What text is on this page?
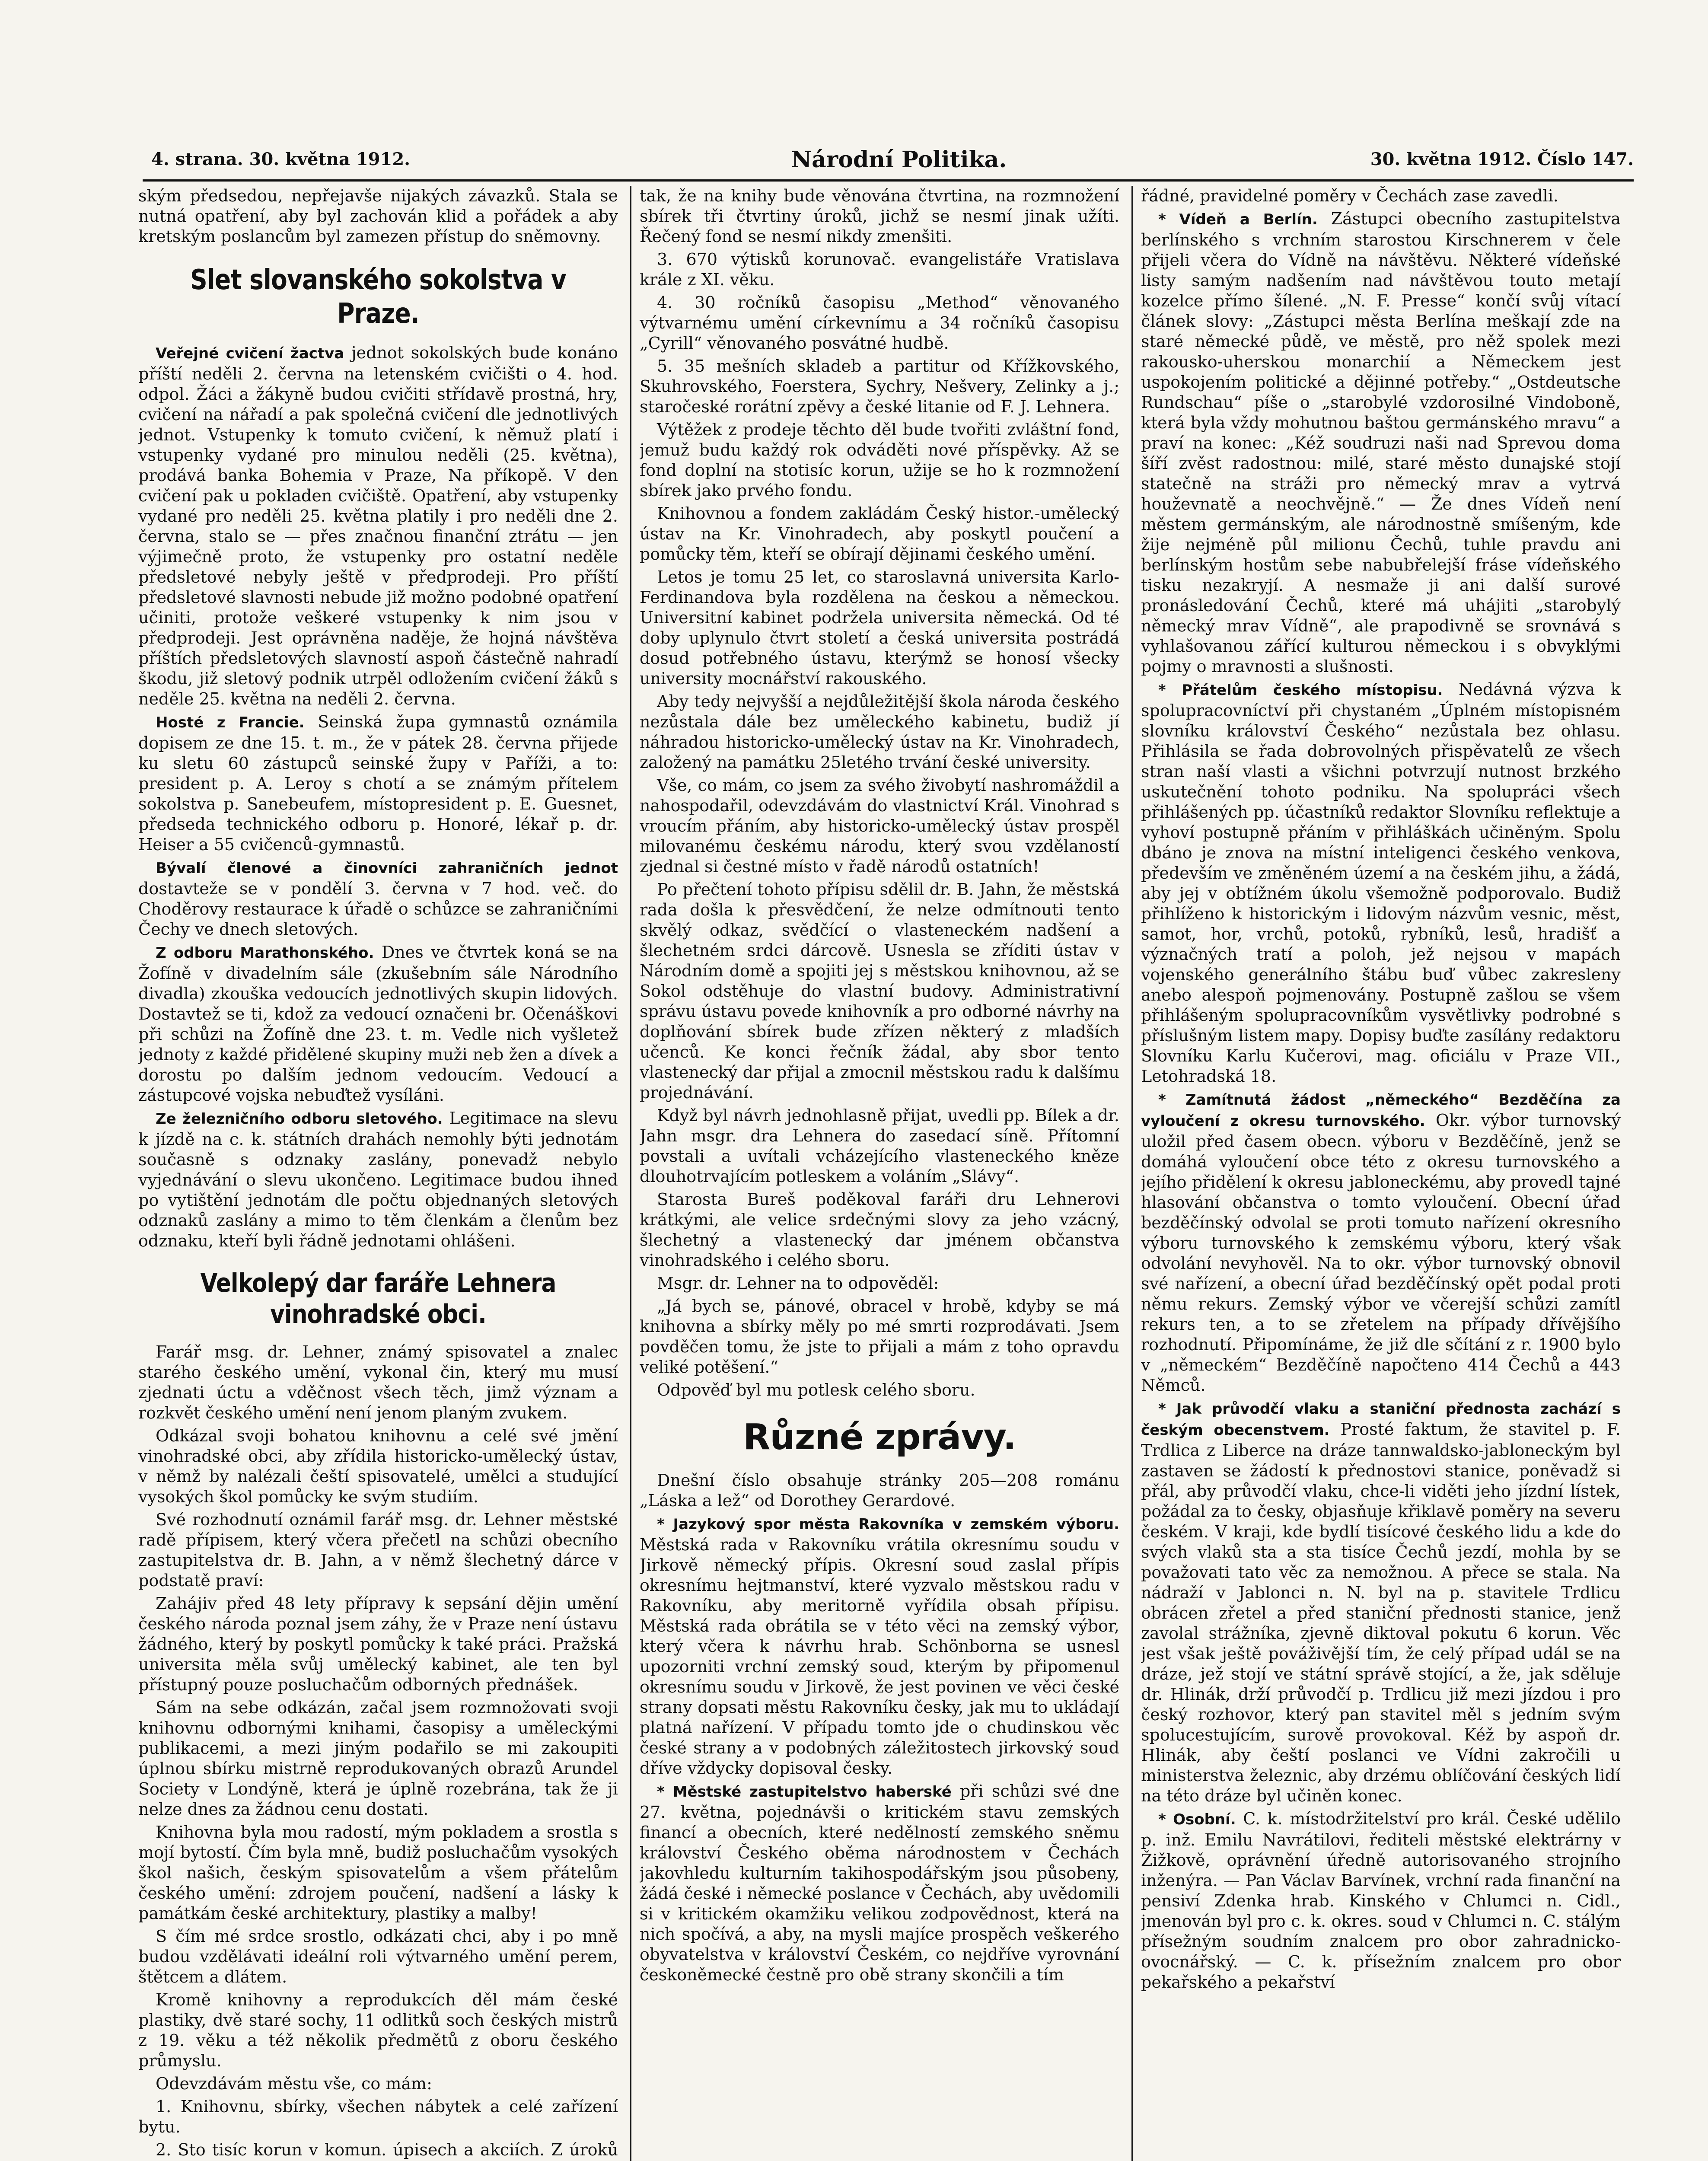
4. strana. 30. května 1912.	Národní Politika.	30. května 1912. Číslo 147.

ským předsedou, nepřejavše nijakých závazků. Stala se nutná opatření, aby byl zachován klid a pořádek a aby kretským poslancům byl zamezen přístup do sněmovny.

Slet slovanského sokolstva v Praze.

Veřejné cvičení žactva jednot sokolských bude konáno příští neděli 2. června na letenském cvičišti o 4. hod. odpol. Žáci a žákyně budou cvičiti střídavě prostná, hry, cvičení na nářadí a pak společná cvičení dle jednotlivých jednot. Vstupenky k tomuto cvičení, k němuž platí i vstupenky vydané pro minulou neděli (25. května), prodává banka Bohemia v Praze, Na příkopě. V den cvičení pak u pokladen cvičiště. Opatření, aby vstupenky vydané pro neděli 25. května platily i pro neděli dne 2. června, stalo se — přes značnou finanční ztrátu — jen výjimečně proto, že vstupenky pro ostatní neděle předsletové nebyly ještě v předprodeji. Pro příští předsletové slavnosti nebude již možno podobné opatření učiniti, protože veškeré vstupenky k nim jsou v předprodeji. Jest oprávněna naděje, že hojná návštěva příštích předsletových slavností aspoň částečně nahradí škodu, již sletový podnik utrpěl odložením cvičení žáků s neděle 25. května na neděli 2. června.

Hosté z Francie. Seinská župa gymnastů oznámila dopisem ze dne 15. t. m., že v pátek 28. června přijede ku sletu 60 zástupců seinské župy v Paříži, a to: president p. A. Leroy s chotí a se známým přítelem sokolstva p. Sanebeufem, místopresident p. E. Guesnet, předseda technického odboru p. Honoré, lékař p. dr. Heiser a 55 cvičenců-gymnastů.

Bývalí členové a činovníci zahraničních jednot dostavteže se v pondělí 3. června v 7 hod. več. do Choděrovy restaurace k úřadě o schůzce se zahraničními Čechy ve dnech sletových.

Z odboru Marathonského. Dnes ve čtvrtek koná se na Žofíně v divadelním sále (zkušebním sále Národního divadla) zkouška vedoucích jednotlivých skupin lidových. Dostavtež se ti, kdož za vedoucí označeni br. Očenáškovi při schůzi na Žofíně dne 23. t. m. Vedle nich vyšletež jednoty z každé přidělené skupiny muži neb žen a dívek a dorostu po dalším jednom vedoucím. Vedoucí a zástupcové vojska nebuďtež vysíláni.

Ze železničního odboru sletového. Legitimace na slevu k jízdě na c. k. státních drahách nemohly býti jednotám současně s odznaky zaslány, ponevadž nebylo vyjednávání o slevu ukončeno. Legitimace budou ihned po vytištění jednotám dle počtu objednaných sletových odznaků zaslány a mimo to těm členkám a členům bez odznaku, kteří byli řádně jednotami ohlášeni.

Velkolepý dar faráře Lehnera vinohradské obci.

Farář msg. dr. Lehner, známý spisovatel a znalec starého českého umění, vykonal čin, který mu musí zjednati úctu a vděčnost všech těch, jimž význam a rozkvět českého umění není jenom planým zvukem.

Odkázal svoji bohatou knihovnu a celé své jmění vinohradské obci, aby zřídila historicko-umělecký ústav, v němž by nalézali čeští spisovatelé, umělci a studující vysokých škol pomůcky ke svým studiím.

Své rozhodnutí oznámil farář msg. dr. Lehner městské radě přípisem, který včera přečetl na schůzi obecního zastupitelstva dr. B. Jahn, a v němž šlechetný dárce v podstatě praví:

Zahájiv před 48 lety přípravy k sepsání dějin umění českého národa poznal jsem záhy, že v Praze není ústavu žádného, který by poskytl pomůcky k také práci. Pražská universita měla svůj umělecký kabinet, ale ten byl přístupný pouze posluchačům odborných přednášek.

Sám na sebe odkázán, začal jsem rozmnožovati svoji knihovnu odbornými knihami, časopisy a uměleckými publikacemi, a mezi jiným podařilo se mi zakoupiti úplnou sbírku mistrně reprodukovaných obrazů Arundel Society v Londýně, která je úplně rozebrána, tak že ji nelze dnes za žádnou cenu dostati.

Knihovna byla mou radostí, mým pokladem a srostla s mojí bytostí. Čím byla mně, budiž posluchačům vysokých škol našich, českým spisovatelům a všem přátelům českého umění: zdrojem poučení, nadšení a lásky k památkám české architektury, plastiky a malby!

S čím mé srdce srostlo, odkázati chci, aby i po mně budou vzdělávati ideální roli výtvarného umění perem, štětcem a dlátem.

Kromě knihovny a reprodukcích děl mám české plastiky, dvě staré sochy, 11 odlitků soch českých mistrů z 19. věku a též několik předmětů z oboru českého průmyslu.

Odevzdávám městu vše, co mám:

1. Knihovnu, sbírky, všechen nábytek a celé zařízení bytu.

2. Sto tisíc korun v komun. úpisech a akciích. Z úroků

tak, že na knihy bude věnována čtvrtina, na rozmnožení sbírek tři čtvrtiny úroků, jichž se nesmí jinak užíti. Řečený fond se nesmí nikdy zmenšiti.

3. 670 výtisků korunovač. evangelistáře Vratislava krále z XI. věku.

4. 30 ročníků časopisu „Method“ věnovaného výtvarnému umění církevnímu a 34 ročníků časopisu „Cyrill“ věnovaného posvátné hudbě.

5. 35 mešních skladeb a partitur od Křížkovského, Skuhrovského, Foerstera, Sychry, Nešvery, Zelinky a j.; staročeské rorátní zpěvy a české litanie od F. J. Lehnera.

Výtěžek z prodeje těchto děl bude tvořiti zvláštní fond, jemuž budu každý rok odváděti nové příspěvky. Až se fond doplní na stotisíc korun, užije se ho k rozmnožení sbírek jako prvého fondu.

Knihovnou a fondem zakládám Český histor.-umělecký ústav na Kr. Vinohradech, aby poskytl poučení a pomůcky těm, kteří se obírají dějinami českého umění.

Letos je tomu 25 let, co staroslavná universita Karlo-Ferdinandova byla rozdělena na českou a německou. Universitní kabinet podržela universita německá. Od té doby uplynulo čtvrt století a česká universita postrádá dosud potřebného ústavu, kterýmž se honosí všecky university mocnářství rakouského.

Aby tedy nejvyšší a nejdůležitější škola národa českého nezůstala dále bez uměleckého kabinetu, budiž jí náhradou historicko-umělecký ústav na Kr. Vinohradech, založený na památku 25letého trvání české university.

Vše, co mám, co jsem za svého živobytí nashromáždil a nahospodařil, odevzdávám do vlastnictví Král. Vinohrad s vroucím přáním, aby historicko-umělecký ústav prospěl milovanému českému národu, který svou vzdělaností zjednal si čestné místo v řadě národů ostatních!

Po přečtení tohoto přípisu sdělil dr. B. Jahn, že městská rada došla k přesvědčení, že nelze odmítnouti tento skvělý odkaz, svědčící o vlasteneckém nadšení a šlechetném srdci dárcově. Usnesla se zříditi ústav v Národním domě a spojiti jej s městskou knihovnou, až se Sokol odstěhuje do vlastní budovy. Administrativní správu ústavu povede knihovník a pro odborné návrhy na doplňování sbírek bude zřízen některý z mladších učenců. Ke konci řečník žádal, aby sbor tento vlastenecký dar přijal a zmocnil městskou radu k dalšímu projednávání.

Když byl návrh jednohlasně přijat, uvedli pp. Bílek a dr. Jahn msgr. dra Lehnera do zasedací síně. Přítomní povstali a uvítali vcházejícího vlasteneckého kněze dlouhotrvajícím potleskem a voláním „Slávy“.

Starosta Bureš poděkoval faráři dru Lehnerovi krátkými, ale velice srdečnými slovy za jeho vzácný, šlechetný a vlastenecký dar jménem občanstva vinohradského i celého sboru.

Msgr. dr. Lehner na to odpověděl:

„Já bych se, pánové, obracel v hrobě, kdyby se má knihovna a sbírky měly po mé smrti rozprodávati. Jsem povděčen tomu, že jste to přijali a mám z toho opravdu veliké potěšení.“

Odpověď byl mu potlesk celého sboru.

Různé zprávy.

Dnešní číslo obsahuje stránky 205—208 románu „Láska a lež“ od Dorothey Gerardové.

* Jazykový spor města Rakovníka v zemském výboru. Městská rada v Rakovníku vrátila okresnímu soudu v Jirkově německý přípis. Okresní soud zaslal přípis okresnímu hejtmanství, které vyzvalo městskou radu v Rakovníku, aby meritorně vyřídila obsah přípisu. Městská rada obrátila se v této věci na zemský výbor, který včera k návrhu hrab. Schönborna se usnesl upozorniti vrchní zemský soud, kterým by připomenul okresnímu soudu v Jirkově, že jest povinen ve věci české strany dopsati městu Rakovníku česky, jak mu to ukládají platná nařízení. V případu tomto jde o chudinskou věc české strany a v podobných záležitostech jirkovský soud dříve vždycky dopisoval česky.

* Městské zastupitelstvo haberské při schůzi své dne 27. května, pojednávši o kritickém stavu zemských financí a obecních, které nedělností zemského sněmu království Českého oběma národnostem v Čechách jakovhledu kulturním takihospodářským jsou působeny, žádá české i německé poslance v Čechách, aby uvědomili si v kritickém okamžiku velikou zodpovědnost, která na nich spočívá, a aby, na mysli majíce prospěch veškerého obyvatelstva v království Českém, co nejdříve vyrovnání českoněmecké čestně pro obě strany skončili a tím

řádné, pravidelné poměry v Čechách zase zavedli.

* Vídeň a Berlín. Zástupci obecního zastupitelstva berlínského s vrchním starostou Kirschnerem v čele přijeli včera do Vídně na návštěvu. Některé vídeňské listy samým nadšením nad návštěvou touto metají kozelce přímo šílené. „N. F. Presse“ končí svůj vítací článek slovy: „Zástupci města Berlína meškají zde na staré německé půdě, ve městě, pro něž spolek mezi rakousko-uherskou monarchií a Německem jest uspokojením politické a dějinné potřeby.“ „Ostdeutsche Rundschau“ píše o „starobylé vzdorosilné Vindoboně, která byla vždy mohutnou baštou germánského mravu“ a praví na konec: „Kéž soudruzi naši nad Sprevou doma šíří zvěst radostnou: milé, staré město dunajské stojí statečně na stráži pro německý mrav a vytrvá houževnatě a neochvějně.“ — Že dnes Vídeň není městem germánským, ale národnostně smíšeným, kde žije nejméně půl milionu Čechů, tuhle pravdu ani berlínským hostům sebe nabubřelejší fráse vídeňského tisku nezakryjí. A nesmaže ji ani další surové pronásledování Čechů, které má uhájiti „starobylý německý mrav Vídně“, ale prapodivně se srovnává s vyhlašovanou zářící kulturou německou i s obvyklými pojmy o mravnosti a slušnosti.

* Přátelům českého místopisu. Nedávná výzva k spolupracovníctví při chystaném „Úplném místopisném slovníku království Českého“ nezůstala bez ohlasu. Přihlásila se řada dobrovolných přispěvatelů ze všech stran naší vlasti a všichni potvrzují nutnost brzkého uskutečnění tohoto podniku. Na spolupráci všech přihlášených pp. účastníků redaktor Slovníku reflektuje a vyhoví postupně přáním v přihláškách učiněným. Spolu dbáno je znova na místní inteligenci českého venkova, především ve změněném území a na českém jihu, a žádá, aby jej v obtížném úkolu všemožně podporovalo. Budiž přihlíženo k historickým i lidovým názvům vesnic, měst, samot, hor, vrchů, potoků, rybníků, lesů, hradišť a význačných tratí a poloh, jež nejsou v mapách vojenského generálního štábu buď vůbec zakresleny anebo alespoň pojmenovány. Postupně zašlou se všem přihlášeným spolupracovníkům vysvětlivky podrobné s příslušným listem mapy. Dopisy buďte zasílány redaktoru Slovníku Karlu Kučerovi, mag. oficiálu v Praze VII., Letohradská 18.

* Zamítnutá žádost „německého“ Bezděčína za vyloučení z okresu turnovského. Okr. výbor turnovský uložil před časem obecn. výboru v Bezděčíně, jenž se domáhá vyloučení obce této z okresu turnovského a jejího přidělení k okresu jabloneckému, aby provedl tajné hlasování občanstva o tomto vyloučení. Obecní úřad bezděčínský odvolal se proti tomuto nařízení okresního výboru turnovského k zemskému výboru, který však odvolání nevyhověl. Na to okr. výbor turnovský obnovil své nařízení, a obecní úřad bezděčínský opět podal proti němu rekurs. Zemský výbor ve včerejší schůzi zamítl rekurs ten, a to se zřetelem na případy dřívějšího rozhodnutí. Připomínáme, že již dle sčítání z r. 1900 bylo v „německém“ Bezděčíně napočteno 414 Čechů a 443 Němců.

* Jak průvodčí vlaku a staniční přednosta zachází s českým obecenstvem. Prosté faktum, že stavitel p. F. Trdlica z Liberce na dráze tannwaldsko-jabloneckým byl zastaven se žádostí k přednostovi stanice, poněvadž si přál, aby průvodčí vlaku, chce-li viděti jeho jízdní lístek, požádal za to česky, objasňuje křiklavě poměry na severu českém. V kraji, kde bydlí tisícové českého lidu a kde do svých vlaků sta a sta tisíce Čechů jezdí, mohla by se považovati tato věc za nemožnou. A přece se stala. Na nádraží v Jablonci n. N. byl na p. stavitele Trdlicu obrácen zřetel a před staniční přednosti stanice, jenž zavolal strážníka, zjevně diktoval pokutu 6 korun. Věc jest však ještě pováživější tím, že celý případ udál se na dráze, jež stojí ve státní správě stojící, a že, jak sděluje dr. Hlinák, drží průvodčí p. Trdlicu již mezi jízdou i pro český rozhovor, který pan stavitel měl s jedním svým spolucestujícím, surově provokoval. Kéž by aspoň dr. Hlinák, aby čeští poslanci ve Vídni zakročili u ministerstva železnic, aby drzému oblíčování českých lidí na této dráze byl učiněn konec.

* Osobní. C. k. místodržitelství pro král. České udělilo p. inž. Emilu Navrátilovi, řediteli městské elektrárny v Žižkově, oprávnění úředně autorisovaného strojního inženýra. — Pan Václav Barvínek, vrchní rada finanční na pensiví Zdenka hrab. Kinského v Chlumci n. Cidl., jmenován byl pro c. k. okres. soud v Chlumci n. C. stálým přísežným soudním znalcem pro obor zahradnicko-ovocnářský. — C. k. přísežním znalcem pro obor pekařského a pekařství
